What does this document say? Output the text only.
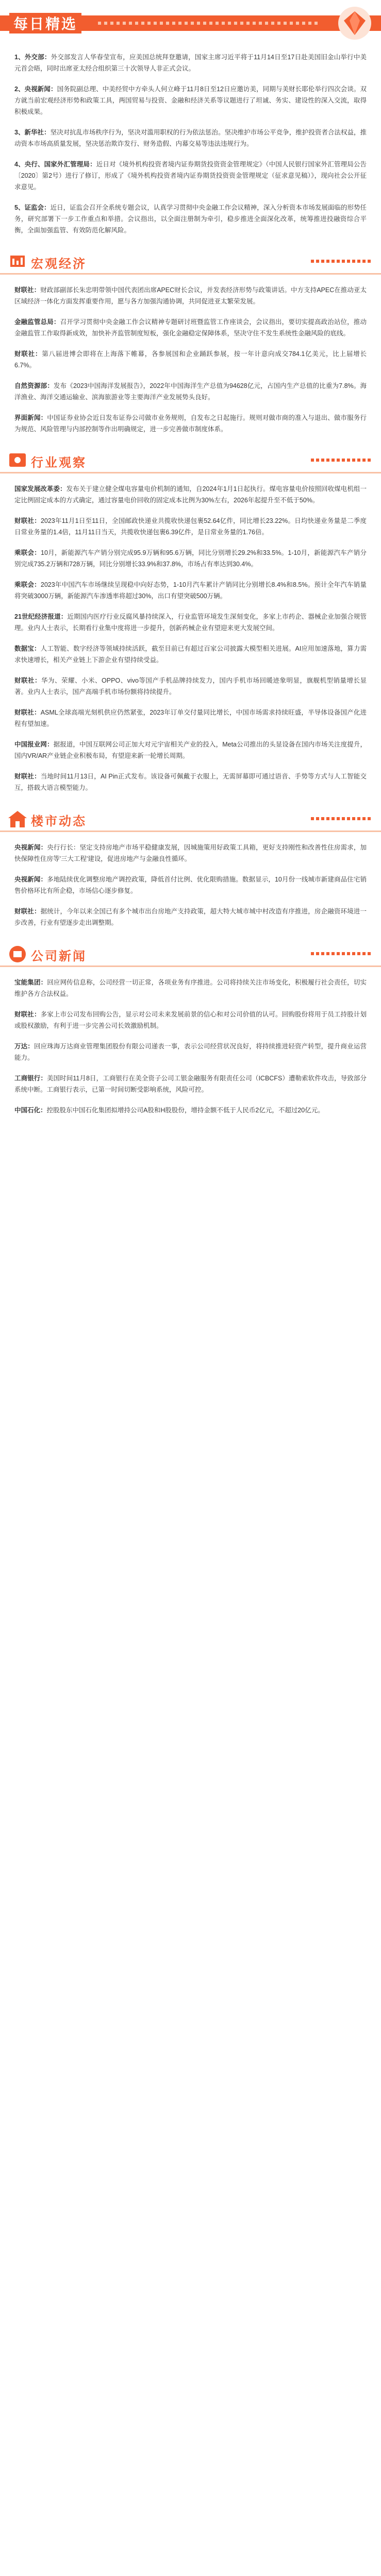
每日精选
1、外交部：外交部发言人华春莹宣布，应美国总统拜登邀请，国家主席习近平将于11月14日至17日赴美国旧金山举行中美元首会晤，同时出席亚太经合组织第三十次领导人非正式会议。
2、央视新闻：国务院副总理、中美经贸中方牵头人何立峰于11月8日至12日应邀访美，同期与美财长耶伦举行四次会谈。双方就当前宏观经济形势和政策工具，两国贸易与投资、金融和经济关系等议题进行了坦诚、务实、建设性的深入交流，取得积极成果。
3、新华社：坚决对抗乱市场秩序行为，坚决对滥用职权的行为依法惩治。坚决维护市场公平竞争，维护投资者合法权益，推动资本市场高质量发展，坚决惩治欺诈发行、财务造假、内幕交易等违法违规行为。
4、央行、国家外汇管理局：近日对《境外机构投资者境内证券期货投资资金管理规定》（中国人民银行国家外汇管理局公告〔2020〕第2号）进行了修订，形成了《境外机构投资者境内证券期货投资资金管理规定（征求意见稿）》，现向社会公开征求意见。
5、证监会：近日，证监会召开全系统专题会议，认真学习贯彻中央金融工作会议精神，深入分析资本市场发展面临的形势任务，研究部署下一步工作重点和举措。会议指出，以全面注册制为牵引，稳步推进全面深化改革，统筹推进投融资综合平衡，全面加强监管、有效防范化解风险。
宏观经济
财联社：财政部副部长朱忠明带领中国代表团出席APEC财长会议，并发表经济形势与政策讲话。中方支持APEC在推动亚太区域经济一体化方面发挥重要作用，愿与各方加强沟通协调，共同促进亚太繁荣发展。
金融监管总局：召开学习贯彻中央金融工作会议精神专题研讨班暨监管工作座谈会，会议指出，要切实提高政治站位，推动金融监管工作取得新成效，加快补齐监管制度短板，强化金融稳定保障体系，坚决守住不发生系统性金融风险的底线。
财联社：第八届进博会即将在上海落下帷幕，各参展国和企业踊跃参展，按一年计意向成交784.1亿美元，比上届增长6.7%。
自然资源部：发布《2023中国海洋发展报告》，2022年中国海洋生产总值为94628亿元，占国内生产总值的比重为7.8%。海洋渔业、海洋交通运输业、滨海旅游业等主要海洋产业发展势头良好。
界面新闻：中国证券业协会近日发布证券公司做市业务规则，自发布之日起施行。规则对做市商的准入与退出、做市服务行为规范、风险管理与内部控制等作出明确规定，进一步完善做市制度体系。
行业观察
国家发展改革委：发布关于建立健全煤电容量电价机制的通知，自2024年1月1日起执行。煤电容量电价按照回收煤电机组一定比例固定成本的方式确定，通过容量电价回收的固定成本比例为30%左右，2026年起提升至不低于50%。
财联社：2023年11月1日至11日，全国邮政快递业共揽收快递包裹52.64亿件，同比增长23.22%。日均快递业务量是二季度日常业务量的1.4倍，11月11日当天，共揽收快递包裹6.39亿件，是日常业务量的1.76倍。
乘联会：10月，新能源汽车产销分别完成95.9万辆和95.6万辆，同比分别增长29.2%和33.5%。1-10月，新能源汽车产销分别完成735.2万辆和728万辆，同比分别增长33.9%和37.8%，市场占有率达到30.4%。
乘联会：2023年中国汽车市场继续呈现稳中向好态势，1-10月汽车累计产销同比分别增长8.4%和8.5%。预计全年汽车销量将突破3000万辆，新能源汽车渗透率将超过30%，出口有望突破500万辆。
21世纪经济报道：近期国内医疗行业反腐风暴持续深入，行业监管环境发生深刻变化，多家上市药企、器械企业加强合规管理。业内人士表示，长期看行业集中度将进一步提升，创新药械企业有望迎来更大发展空间。
数据宝：人工智能、数字经济等领域持续活跃，截至目前已有超过百家公司披露大模型相关进展。AI应用加速落地，算力需求快速增长，相关产业链上下游企业有望持续受益。
财联社：华为、荣耀、小米、OPPO、vivo等国产手机品牌持续发力，国内手机市场回暖迹象明显，旗舰机型销量增长显著。业内人士表示，国产高端手机市场份额将持续提升。
财联社：ASML全球高端光刻机供应仍然紧张，2023年订单交付量同比增长，中国市场需求持续旺盛，半导体设备国产化进程有望加速。
中国报业网：据报道，中国互联网公司正加大对元宇宙相关产业的投入，Meta公司推出的头显设备在国内市场关注度提升，国内VR/AR产业链企业积极布局，有望迎来新一轮增长周期。
财联社：当地时间11月13日，AI Pin正式发布。该设备可佩戴于衣服上，无需屏幕即可通过语音、手势等方式与人工智能交互，搭载大语言模型能力。
楼市动态
央视新闻：央行行长：坚定支持房地产市场平稳健康发展，因城施策用好政策工具箱，更好支持刚性和改善性住房需求，加快保障性住房等'三大工程'建设，促进房地产与金融良性循环。
央视新闻：多地陆续优化调整房地产调控政策，降低首付比例、优化限购措施。数据显示，10月份一线城市新建商品住宅销售价格环比有所企稳，市场信心逐步修复。
财联社：据统计，今年以来全国已有多个城市出台房地产支持政策，超大特大城市城中村改造有序推进，房企融资环境进一步改善，行业有望逐步走出调整期。
公司新闻
宝能集团：回应网传信息称，公司经营一切正常，各项业务有序推进。公司将持续关注市场变化，积极履行社会责任，切实维护各方合法权益。
财联社：多家上市公司发布回购公告，显示对公司未来发展前景的信心和对公司价值的认可。回购股份将用于员工持股计划或股权激励，有利于进一步完善公司长效激励机制。
万达：回应珠海万达商业管理集团股份有限公司递表一事，表示公司经营状况良好，将持续推进轻资产转型，提升商业运营能力。
工商银行：美国时间11月8日，工商银行在美全资子公司工银金融服务有限责任公司（ICBCFS）遭勒索软件攻击，导致部分系统中断。工商银行表示，已第一时间切断受影响系统，风险可控。
中国石化：控股股东中国石化集团拟增持公司A股和H股股份，增持金额不低于人民币2亿元，不超过20亿元。
